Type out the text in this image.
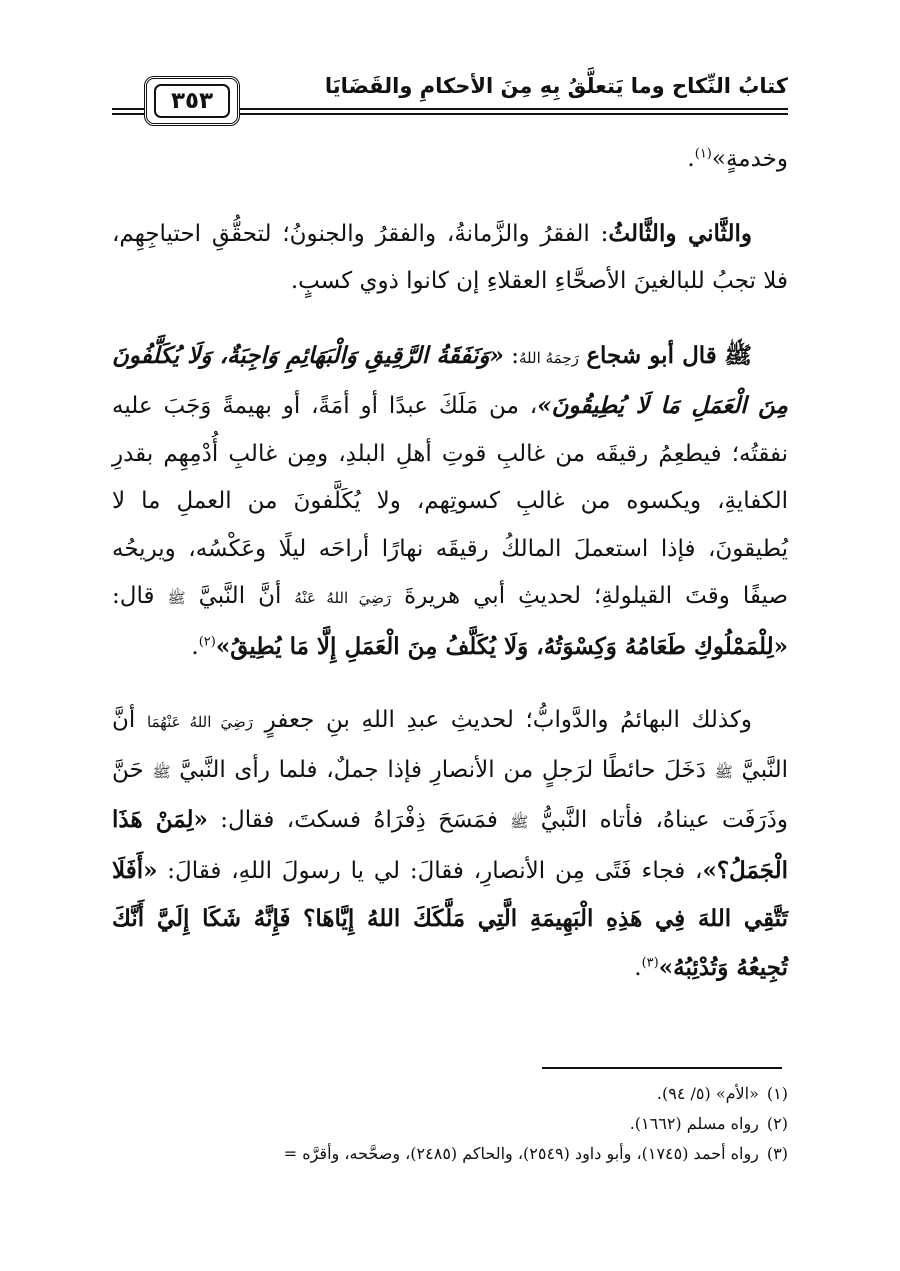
كتابُ النِّكاح وما يَتعلَّقُ بِهِ مِنَ الأحكامِ والقَضَايَا
٣٥٣

وخدمةٍ»$^{(١)}$.

والثَّاني والثَّالثُ: الفقرُ والزَّمانةُ، والفقرُ والجنونُ؛ لتحقُّقِ احتياجِهِم، فلا تجبُ للبالغينَ الأصحَّاءِ العقلاءِ إن كانوا ذوي كسبٍ.

ﷺ قال أبو شجاع رَحِمَهُ اللهُ: «وَنَفَقَةُ الرَّقِيقِ وَالْبَهَائِمِ وَاجِبَةٌ، وَلَا يُكَلَّفُونَ مِنَ الْعَمَلِ مَا لَا يُطِيقُونَ»، من مَلَكَ عبدًا أو أمَةً، أو بهيمةً وَجَبَ عليه نفقتُه؛ فيطعِمُ رقيقَه من غالبِ قوتِ أهلِ البلدِ، ومِن غالبِ أُدْمِهِم بقدرِ الكفايةِ، ويكسوه من غالبِ كسوتِهم، ولا يُكَلَّفونَ من العملِ ما لا يُطيقونَ، فإذا استعملَ المالكُ رقيقَه نهارًا أراحَه ليلًا وعَكْسُه، ويريحُه صيفًا وقتَ القيلولةِ؛ لحديثِ أبي هريرةَ رَضِيَ اللهُ عَنْهُ أنَّ النَّبيَّ ﷺ قال: «لِلْمَمْلُوكِ طَعَامُهُ وَكِسْوَتُهُ، وَلَا يُكَلَّفُ مِنَ الْعَمَلِ إِلَّا مَا يُطِيقُ»$^{(٢)}$.

وكذلك البهائمُ والدَّوابُّ؛ لحديثِ عبدِ اللهِ بنِ جعفرٍ رَضِيَ اللهُ عَنْهُمَا أنَّ النَّبيَّ ﷺ دَخَلَ حائطًا لرَجلٍ من الأنصارِ فإذا جملٌ، فلما رأى النَّبيَّ ﷺ حَنَّ وذَرَفَت عيناهُ، فأتاه النَّبيُّ ﷺ فمَسَحَ ذِفْرَاهُ فسكتَ، فقال: «لِمَنْ هَذَا الْجَمَلُ؟»، فجاء فَتًى مِن الأنصارِ، فقالَ: لي يا رسولَ اللهِ، فقالَ: «أَفَلَا تَتَّقِي اللهَ فِي هَذِهِ الْبَهِيمَةِ الَّتِي مَلَّكَكَ اللهُ إِيَّاهَا؟ فَإِنَّهُ شَكَا إِلَيَّ أَنَّكَ تُجِيعُهُ وَتُدْئِبُهُ»$^{(٣)}$.

(١)«الأم» (٥/ ٩٤).
(٢)رواه مسلم (١٦٦٢).
(٣)رواه أحمد (١٧٤٥)، وأبو داود (٢٥٤٩)، والحاكم (٢٤٨٥)، وصحَّحه، وأقرَّه =
